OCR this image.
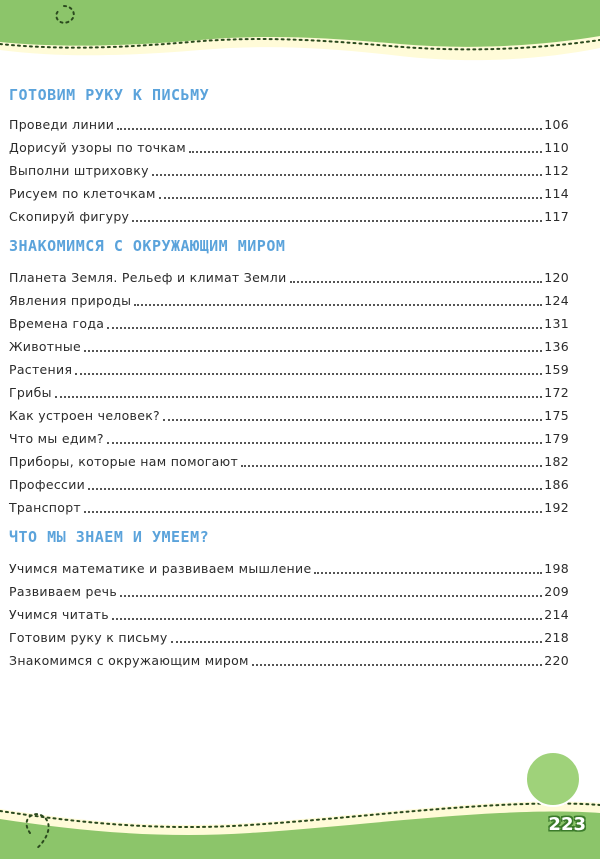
ГОТОВИМ РУКУ К ПИСЬМУ
Проведи линии	106
Дорисуй узоры по точкам	110
Выполни штриховку	112
Рисуем по клеточкам	114
Скопируй фигуру	117
ЗНАКОМИМСЯ С ОКРУЖАЮЩИМ МИРОМ
Планета Земля. Рельеф и климат Земли	120
Явления природы	124
Времена года	131
Животные	136
Растения	159
Грибы	172
Как устроен человек?	175
Что мы едим?	179
Приборы, которые нам помогают	182
Профессии	186
Транспорт	192
ЧТО МЫ ЗНАЕМ И УМЕЕМ?
Учимся математике и развиваем мышление	198
Развиваем речь	209
Учимся читать	214
Готовим руку к письму	218
Знакомимся с окружающим миром	220
223
